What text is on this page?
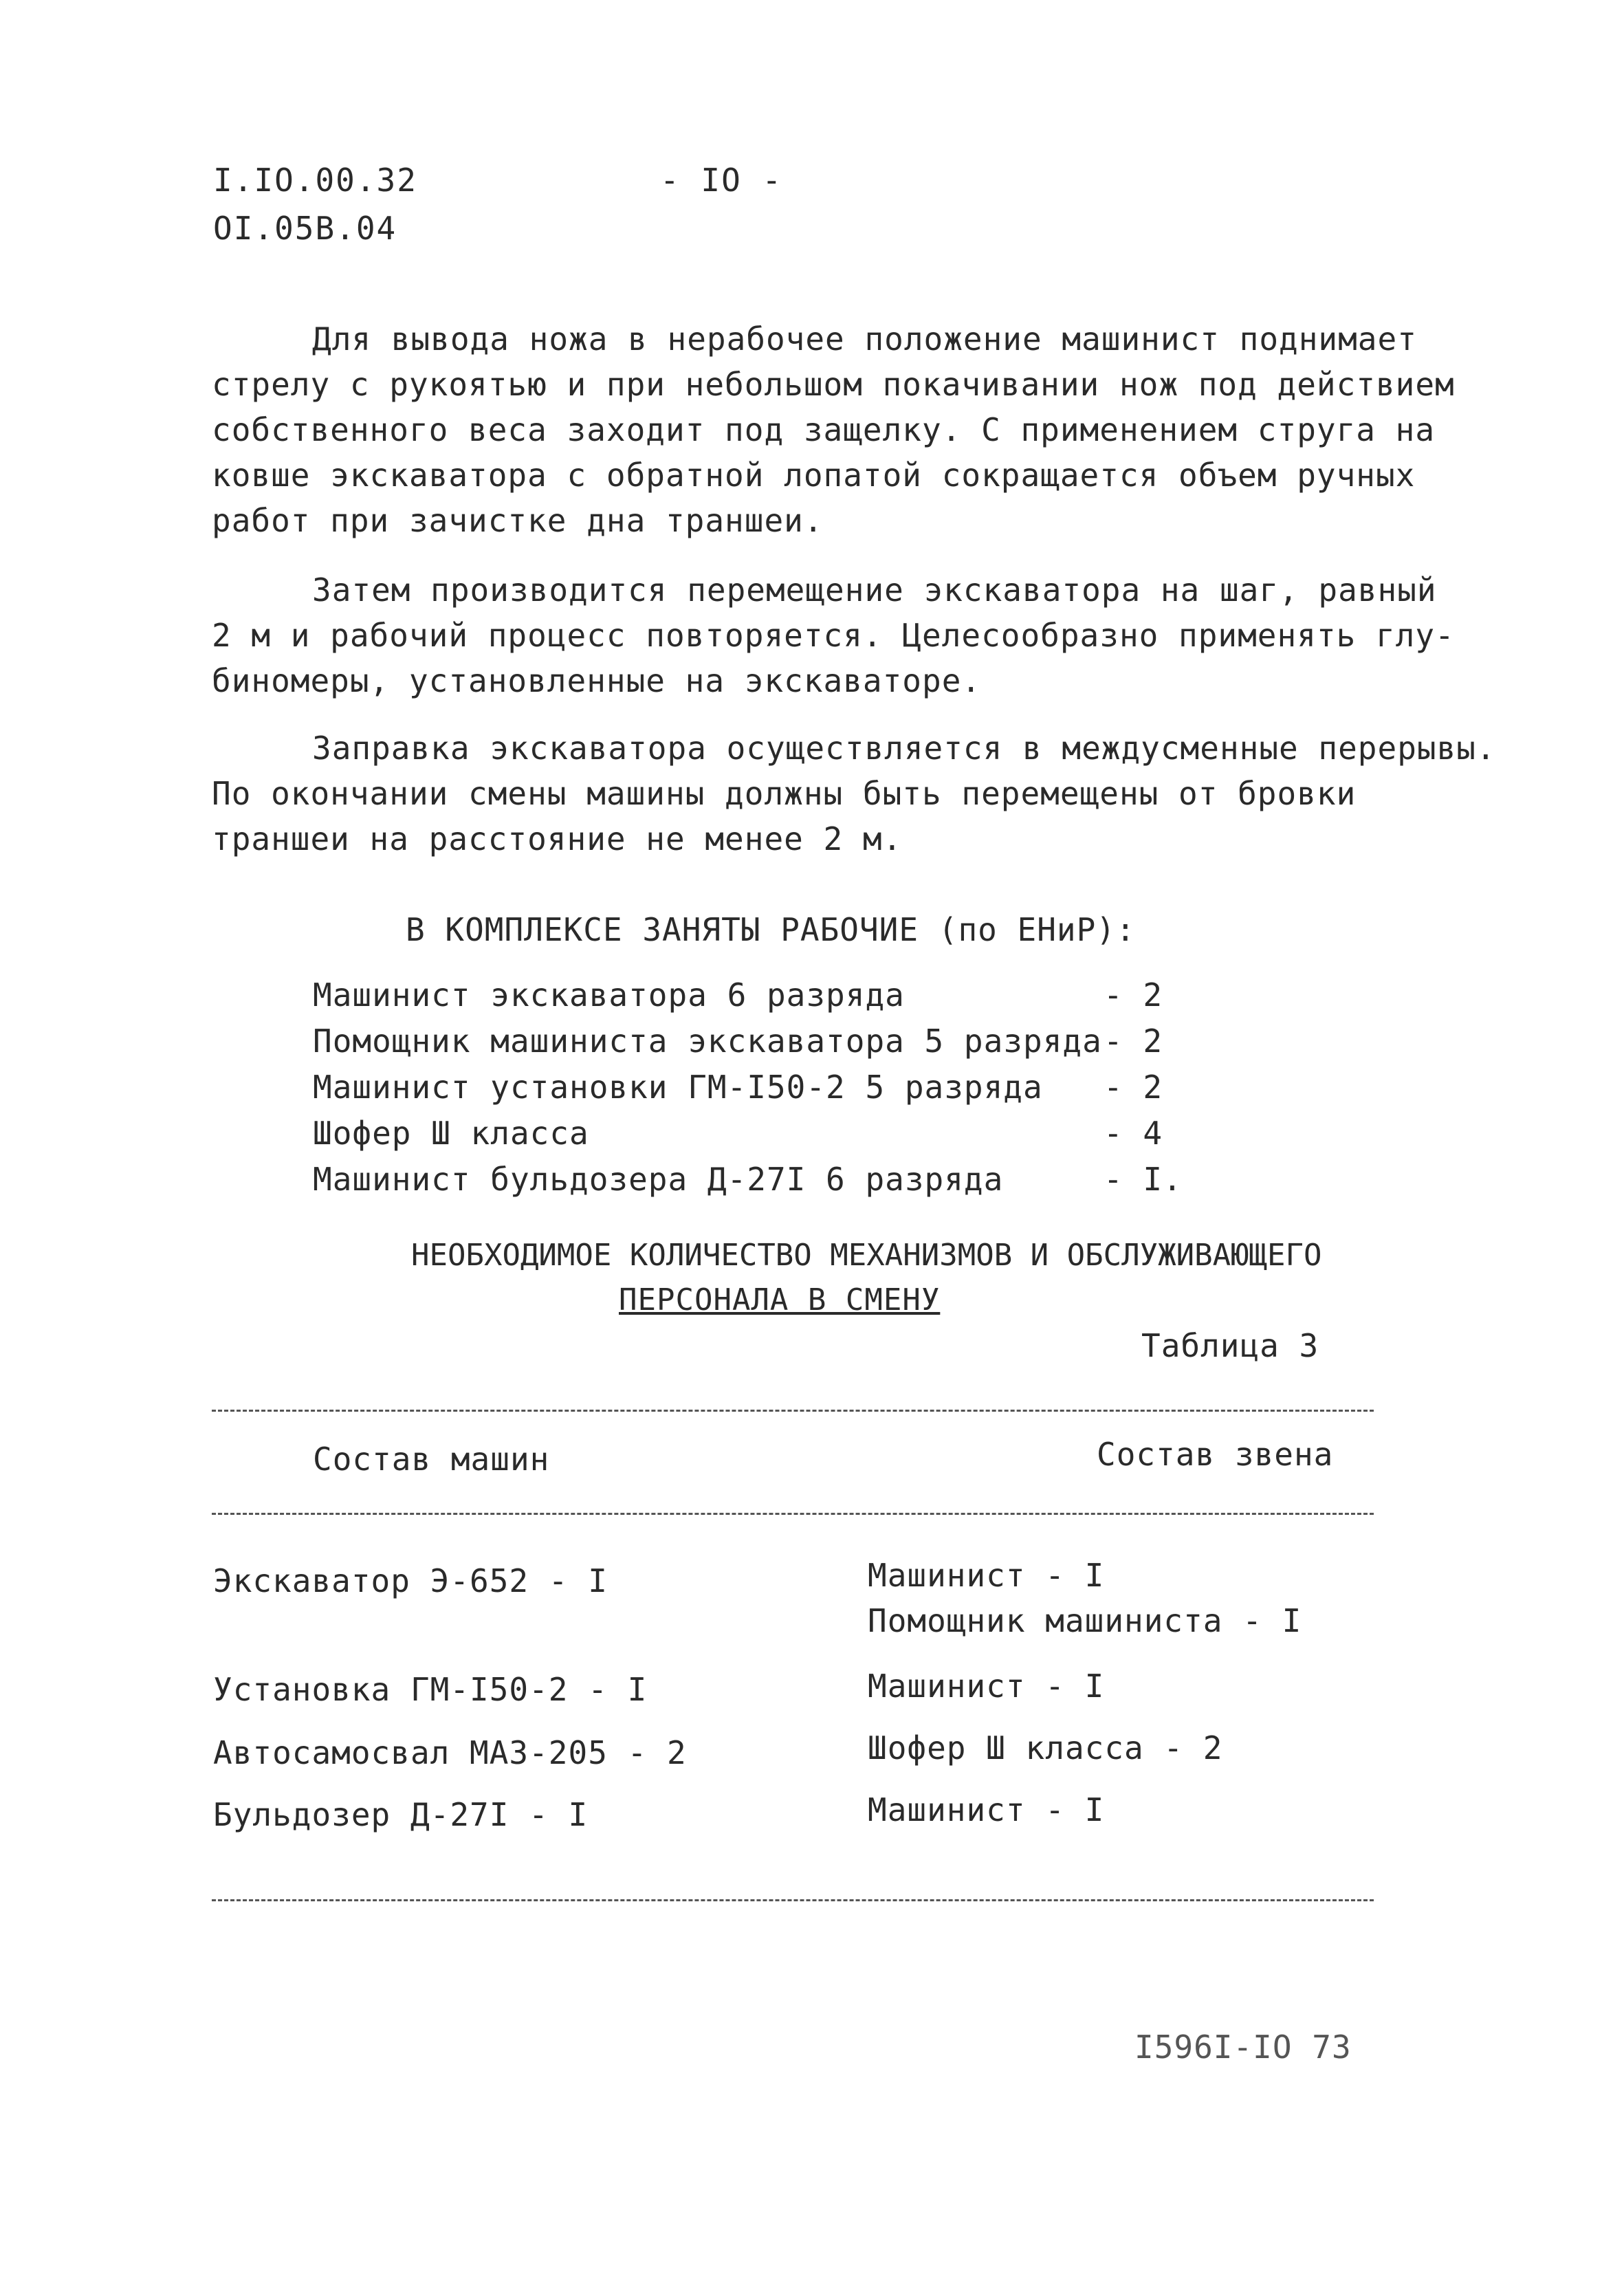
I.IO.00.32
OI.05B.04
- IO -
Для вывода ножа в нерабочее положение машинист поднимает
стрелу с рукоятью и при небольшом покачивании нож под действием
собственного веса заходит под защелку. С применением струга на
ковше экскаватора с обратной лопатой сокращается объем ручных
работ при зачистке дна траншеи.
Затем производится перемещение экскаватора на шаг, равный
2 м и рабочий процесс повторяется. Целесообразно применять глу-
биномеры, установленные на экскаваторе.
Заправка экскаватора осуществляется в междусменные перерывы.
По окончании смены машины должны быть перемещены от бровки
траншеи на расстояние не менее 2 м.
В КОМПЛЕКСЕ ЗАНЯТЫ РАБОЧИЕ (по ЕНиР):
Машинист экскаватора 6 разряда	- 2
Помощник машиниста экскаватора 5 разряда - 2
Машинист установки ГМ-I50-2 5 разряда - 2
Шофер Ш класса	- 4
Машинист бульдозера Д-27I 6 разряда	- I.
НЕОБХОДИМОЕ КОЛИЧЕСТВО МЕХАНИЗМОВ И ОБСЛУЖИВАЮЩЕГО
ПЕРСОНАЛА В СМЕНУ
Таблица 3
Состав машин	Состав звена
Экскаватор Э-652 - I	Машинист - I
Помощник машиниста - I
Установка ГМ-I50-2 - I	Машинист - I
Автосамосвал МАЗ-205 - 2	Шофер Ш класса - 2
Бульдозер Д-27I - I	Машинист - I
I596I-IO 73
